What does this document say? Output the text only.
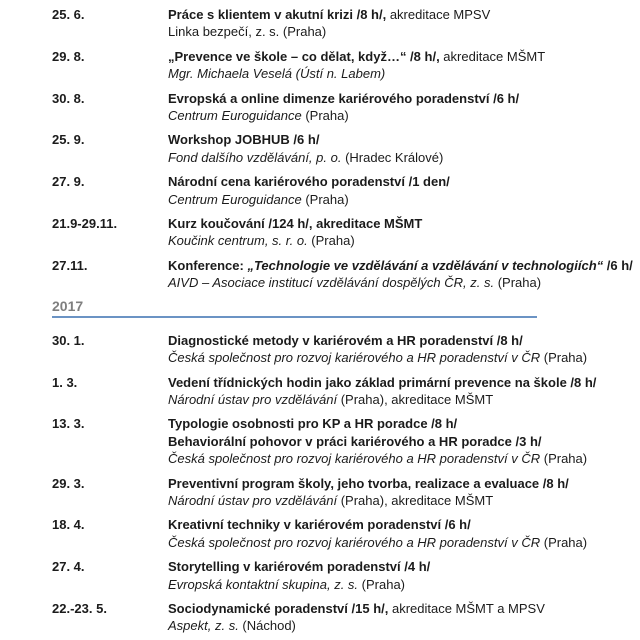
25. 6.	Práce s klientem v akutní krizi /8 h/, akreditace MPSV
Linka bezpečí, z. s. (Praha)
29. 8.	„Prevence ve škole – co dělat, když…“ /8 h/, akreditace MŠMT
Mgr. Michaela Veselá (Ústí n. Labem)
30. 8.	Evropská a online dimenze kariérového poradenství /6 h/
Centrum Euroguidance (Praha)
25. 9.	Workshop JOBHUB /6 h/
Fond dalšího vzdělávání, p. o. (Hradec Králové)
27. 9.	Národní cena kariérového poradenství /1 den/
Centrum Euroguidance (Praha)
21.9-29.11.	Kurz koučování /124 h/, akreditace MŠMT
Koučink centrum, s. r. o. (Praha)
27.11.	Konference: „Technologie ve vzdělávání a vzdělávání v technologiích“ /6 h/
AIVD – Asociace institucí vzdělávání dospělých ČR, z. s. (Praha)
2017
30. 1.	Diagnostické metody v kariérovém a HR poradenství /8 h/
Česká společnost pro rozvoj kariérového a HR poradenství v ČR (Praha)
1. 3.	Vedení třídnických hodin jako základ primární prevence na škole /8 h/
Národní ústav pro vzdělávání (Praha), akreditace MŠMT
13. 3.	Typologie osobnosti pro KP a HR poradce /8 h/
Behaviorální pohovor v práci kariérového a HR poradce /3 h/
Česká společnost pro rozvoj kariérového a HR poradenství v ČR (Praha)
29. 3.	Preventivní program školy, jeho tvorba, realizace a evaluace /8 h/
Národní ústav pro vzdělávání (Praha), akreditace MŠMT
18. 4.	Kreativní techniky v kariérovém poradenství /6 h/
Česká společnost pro rozvoj kariérového a HR poradenství v ČR (Praha)
27. 4.	Storytelling v kariérovém poradenství /4 h/
Evropská kontaktní skupina, z. s. (Praha)
22.-23. 5.	Sociodynamické poradenství /15 h/, akreditace MŠMT a MPSV
Aspekt, z. s. (Náchod)
